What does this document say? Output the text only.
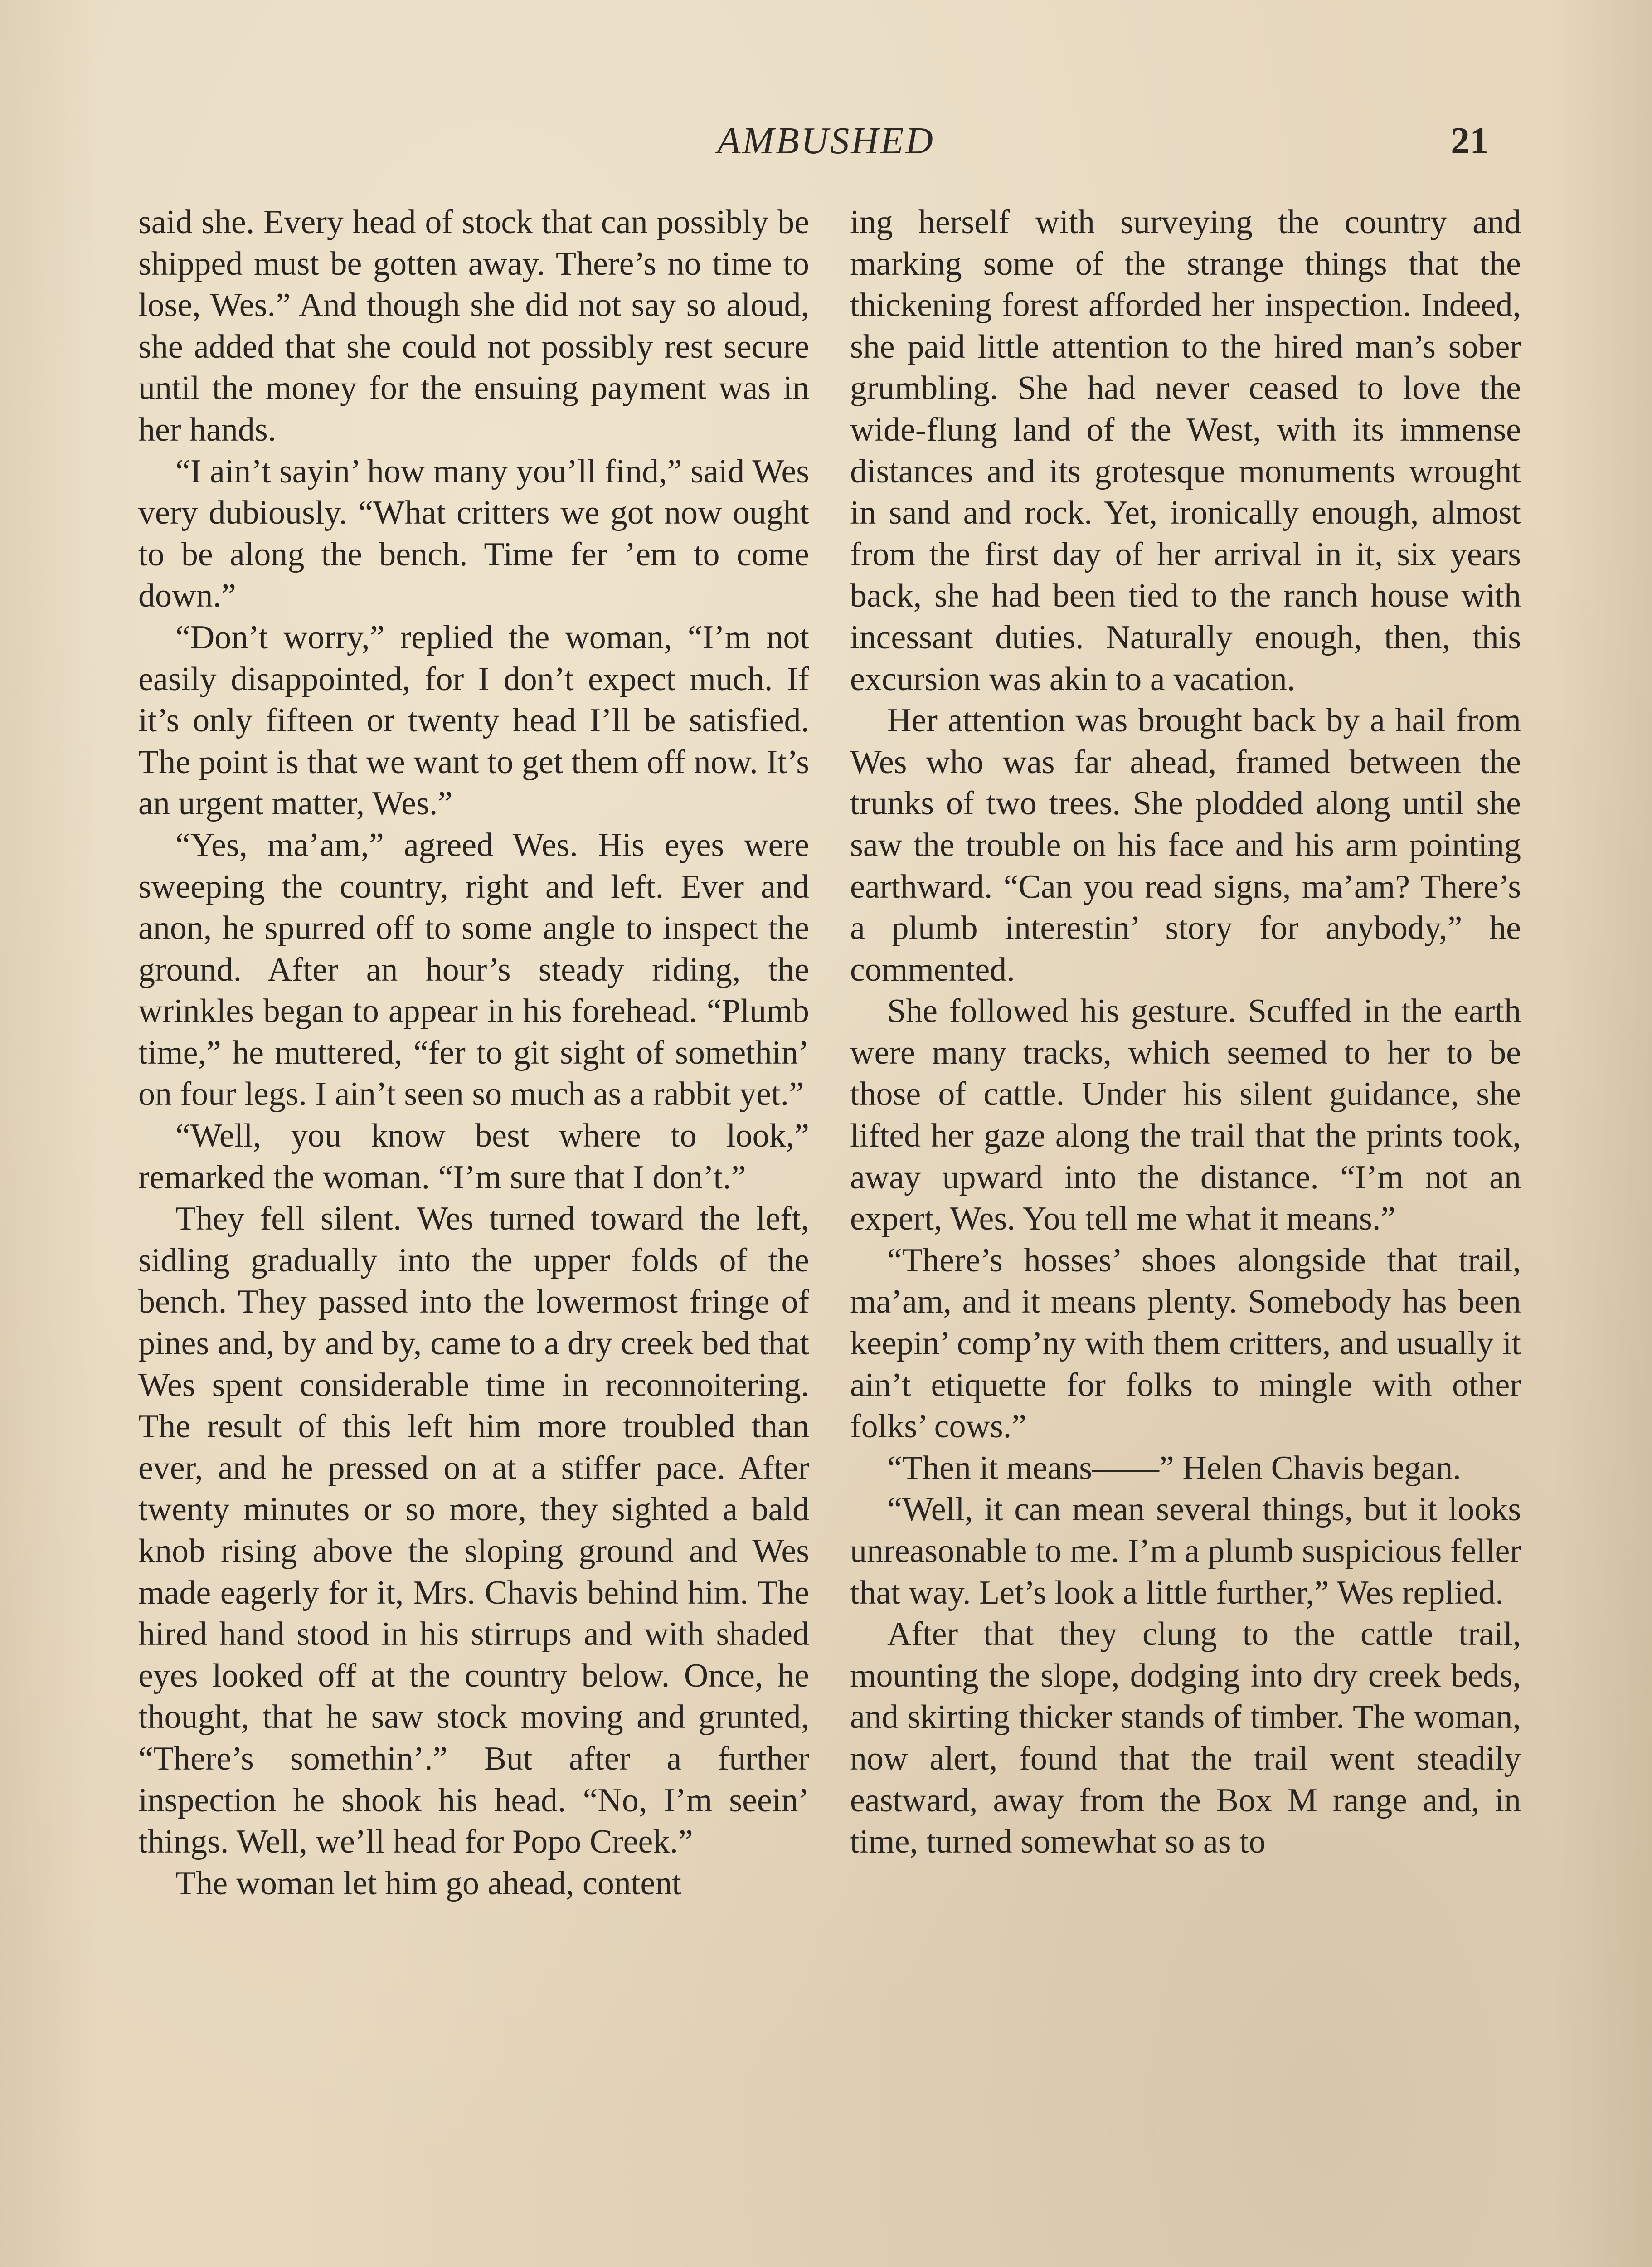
AMBUSHED	21

said she. Every head of stock that can possibly be shipped must be gotten away. There’s no time to lose, Wes.” And though she did not say so aloud, she added that she could not possibly rest secure until the money for the ensuing payment was in her hands.

“I ain’t sayin’ how many you’ll find,” said Wes very dubiously. “What critters we got now ought to be along the bench. Time fer ’em to come down.”

“Don’t worry,” replied the woman, “I’m not easily disappointed, for I don’t expect much. If it’s only fifteen or twenty head I’ll be satisfied. The point is that we want to get them off now. It’s an urgent matter, Wes.”

“Yes, ma’am,” agreed Wes. His eyes were sweeping the country, right and left. Ever and anon, he spurred off to some angle to inspect the ground. After an hour’s steady riding, the wrinkles began to appear in his forehead. “Plumb time,” he muttered, “fer to git sight of somethin’ on four legs. I ain’t seen so much as a rabbit yet.”

“Well, you know best where to look,” remarked the woman. “I’m sure that I don’t.”

They fell silent. Wes turned toward the left, sidling gradually into the upper folds of the bench. They passed into the lowermost fringe of pines and, by and by, came to a dry creek bed that Wes spent considerable time in reconnoitering. The result of this left him more troubled than ever, and he pressed on at a stiffer pace. After twenty minutes or so more, they sighted a bald knob rising above the sloping ground and Wes made eagerly for it, Mrs. Chavis behind him. The hired hand stood in his stirrups and with shaded eyes looked off at the country below. Once, he thought, that he saw stock moving and grunted, “There’s somethin’.” But after a further inspection he shook his head. “No, I’m seein’ things. Well, we’ll head for Popo Creek.”

The woman let him go ahead, content

ing herself with surveying the country and marking some of the strange things that the thickening forest afforded her inspection. Indeed, she paid little attention to the hired man’s sober grumbling. She had never ceased to love the wide-flung land of the West, with its immense distances and its grotesque monuments wrought in sand and rock. Yet, ironically enough, almost from the first day of her arrival in it, six years back, she had been tied to the ranch house with incessant duties. Naturally enough, then, this excursion was akin to a vacation.

Her attention was brought back by a hail from Wes who was far ahead, framed between the trunks of two trees. She plodded along until she saw the trouble on his face and his arm pointing earthward. “Can you read signs, ma’am? There’s a plumb interestin’ story for anybody,” he commented.

She followed his gesture. Scuffed in the earth were many tracks, which seemed to her to be those of cattle. Under his silent guidance, she lifted her gaze along the trail that the prints took, away upward into the distance. “I’m not an expert, Wes. You tell me what it means.”

“There’s hosses’ shoes alongside that trail, ma’am, and it means plenty. Somebody has been keepin’ comp’ny with them critters, and usually it ain’t etiquette for folks to mingle with other folks’ cows.”

“Then it means——” Helen Chavis began.

“Well, it can mean several things, but it looks unreasonable to me. I’m a plumb suspicious feller that way. Let’s look a little further,” Wes replied.

After that they clung to the cattle trail, mounting the slope, dodging into dry creek beds, and skirting thicker stands of timber. The woman, now alert, found that the trail went steadily eastward, away from the Box M range and, in time, turned somewhat so as to
